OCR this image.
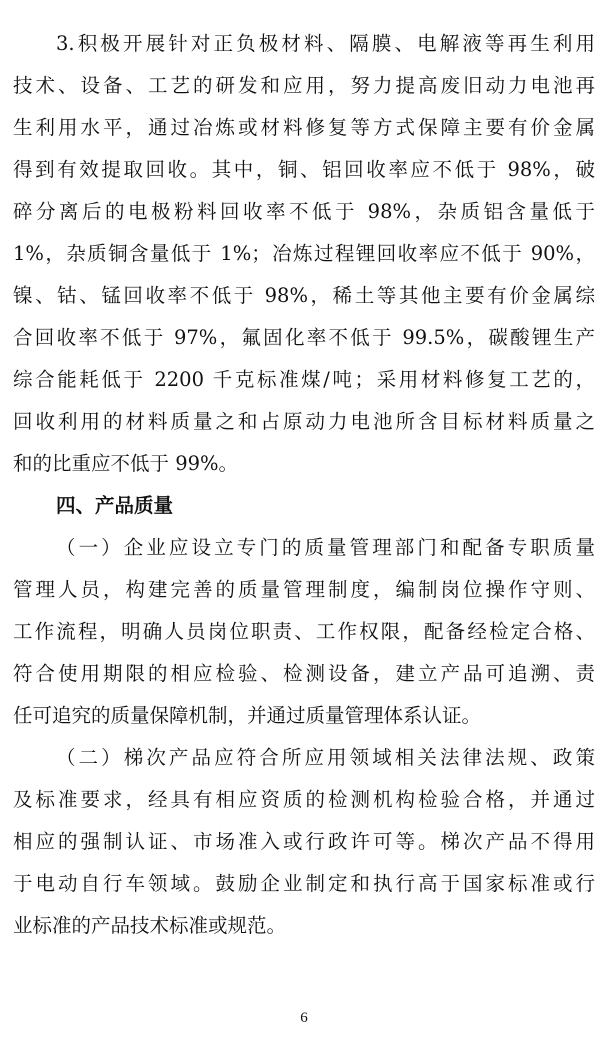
3.积极开展针对正负极材料、隔膜、电解液等再生利用
技术、设备、工艺的研发和应用，努力提高废旧动力电池再
生利用水平，通过冶炼或材料修复等方式保障主要有价金属
得到有效提取回收。其中，铜、铝回收率应不低于 98%，破
碎分离后的电极粉料回收率不低于 98%，杂质铝含量低于
1%，杂质铜含量低于 1%；冶炼过程锂回收率应不低于 90%，
镍、钴、锰回收率不低于 98%，稀土等其他主要有价金属综
合回收率不低于 97%，氟固化率不低于 99.5%，碳酸锂生产
综合能耗低于 2200 千克标准煤/吨；采用材料修复工艺的，
回收利用的材料质量之和占原动力电池所含目标材料质量之
和的比重应不低于 99%。
四、产品质量
（一）企业应设立专门的质量管理部门和配备专职质量
管理人员，构建完善的质量管理制度，编制岗位操作守则、
工作流程，明确人员岗位职责、工作权限，配备经检定合格、
符合使用期限的相应检验、检测设备，建立产品可追溯、责
任可追究的质量保障机制，并通过质量管理体系认证。
（二）梯次产品应符合所应用领域相关法律法规、政策
及标准要求，经具有相应资质的检测机构检验合格，并通过
相应的强制认证、市场准入或行政许可等。梯次产品不得用
于电动自行车领域。鼓励企业制定和执行高于国家标准或行
业标准的产品技术标准或规范。
6
